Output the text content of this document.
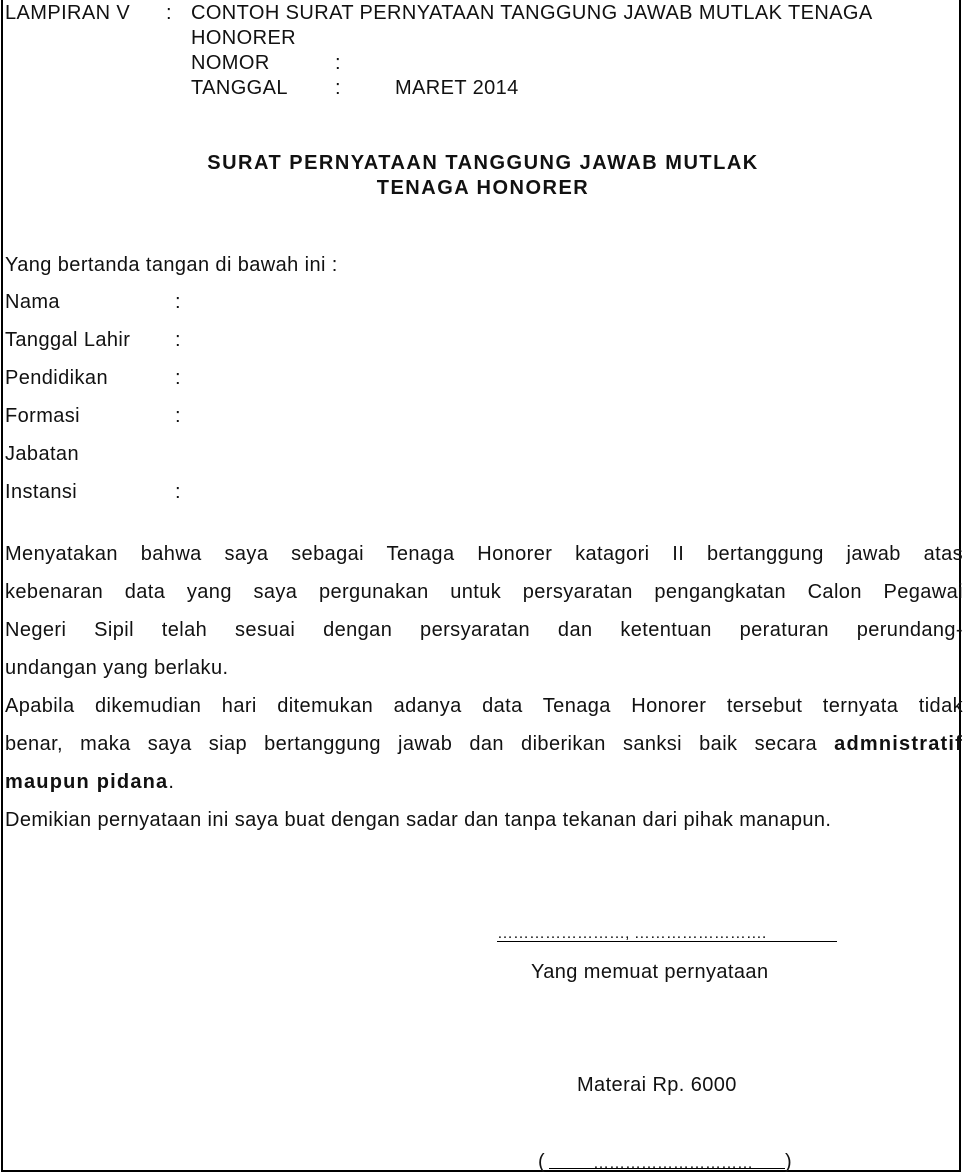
LAMPIRAN V : CONTOH SURAT PERNYATAAN TANGGUNG JAWAB MUTLAK TENAGA
HONORER
NOMOR	:
TANGGAL :	MARET 2014
SURAT PERNYATAAN TANGGUNG JAWAB MUTLAK
TENAGA HONORER
Yang bertanda tangan di bawah ini :
Nama	:
Tanggal Lahir :
Pendidikan	:
Formasi	:
Jabatan
Instansi	:
Menyatakan bahwa saya sebagai Tenaga Honorer katagori II bertanggung jawab atas
kebenaran data yang saya pergunakan untuk persyaratan pengangkatan Calon Pegawai
Negeri Sipil telah sesuai dengan persyaratan dan ketentuan peraturan perundang-
undangan yang berlaku.
Apabila dikemudian hari ditemukan adanya data Tenaga Honorer tersebut ternyata tidak
benar, maka saya siap bertanggung jawab dan diberikan sanksi baik secara admnistratif
maupun pidana.
Demikian pernyataan ini saya buat dengan sadar dan tanpa tekanan dari pihak manapun.
……………………, …………………….
Yang memuat pernyataan
Materai Rp. 6000
(	………………………… )
